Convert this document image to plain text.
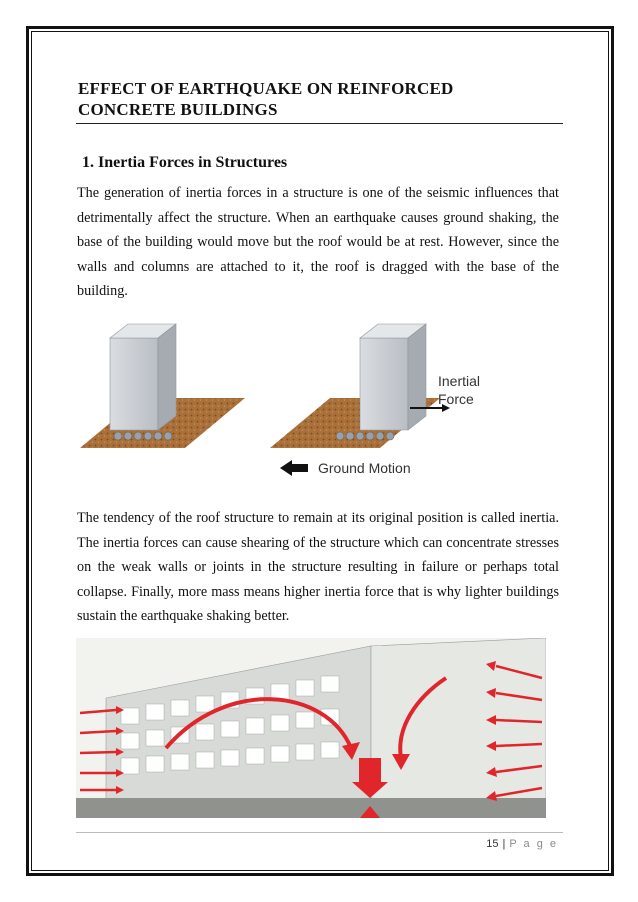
EFFECT OF EARTHQUAKE ON REINFORCED
CONCRETE BUILDINGS
1. Inertia Forces in Structures
The generation of inertia forces in a structure is one of the seismic influences that detrimentally affect the structure. When an earthquake causes ground shaking, the base of the building would move but the roof would be at rest. However, since the walls and columns are attached to it, the roof is dragged with the base of the building.
Inertial
Force
Ground Motion
The tendency of the roof structure to remain at its original position is called inertia. The inertia forces can cause shearing of the structure which can concentrate stresses on the weak walls or joints in the structure resulting in failure or perhaps total collapse. Finally, more mass means higher inertia force that is why lighter buildings sustain the earthquake shaking better.
15 | P a g e
